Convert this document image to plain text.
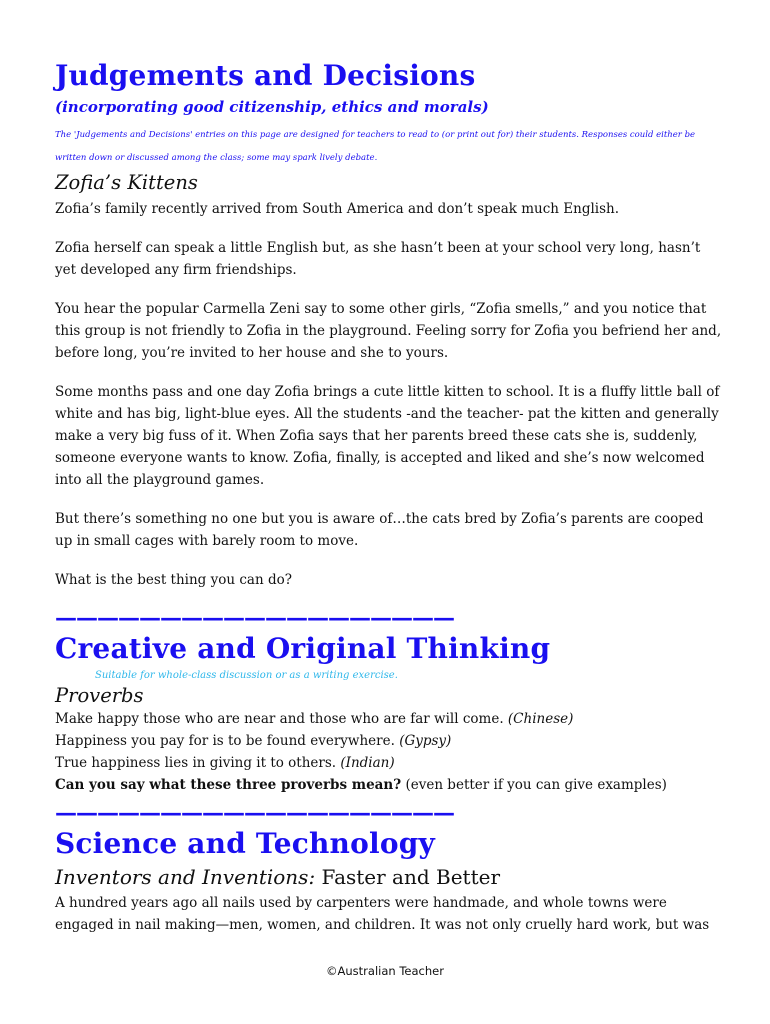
Judgements and Decisions

(incorporating good citizenship, ethics and morals)

The 'Judgements and Decisions' entries on this page are designed for teachers to read to (or print out for) their students. Responses could either be written down or discussed among the class; some may spark lively debate.

Zofia’s Kittens

Zofia’s family recently arrived from South America and don’t speak much English.

Zofia herself can speak a little English but, as she hasn’t been at your school very long, hasn’t yet developed any firm friendships.

You hear the popular Carmella Zeni say to some other girls, “Zofia smells,” and you notice that this group is not friendly to Zofia in the playground. Feeling sorry for Zofia you befriend her and, before long, you’re invited to her house and she to yours.

Some months pass and one day Zofia brings a cute little kitten to school. It is a fluffy little ball of white and has big, light-blue eyes. All the students -and the teacher- pat the kitten and generally make a very big fuss of it. When Zofia says that her parents breed these cats she is, suddenly, someone everyone wants to know. Zofia, finally, is accepted and liked and she’s now welcomed into all the playground games.

But there’s something no one but you is aware of…the cats bred by Zofia’s parents are cooped up in small cages with barely room to move.

What is the best thing you can do?

———————————————————

Creative and Original Thinking

Suitable for whole-class discussion or as a writing exercise.

Proverbs

Make happy those who are near and those who are far will come. (Chinese)

Happiness you pay for is to be found everywhere. (Gypsy)

True happiness lies in giving it to others. (Indian)

Can you say what these three proverbs mean? (even better if you can give examples)

———————————————————

Science and Technology
Inventors and Inventions: Faster and Better

A hundred years ago all nails used by carpenters were handmade, and whole towns were engaged in nail making—men, women, and children. It was not only cruelly hard work, but was

©Australian Teacher
